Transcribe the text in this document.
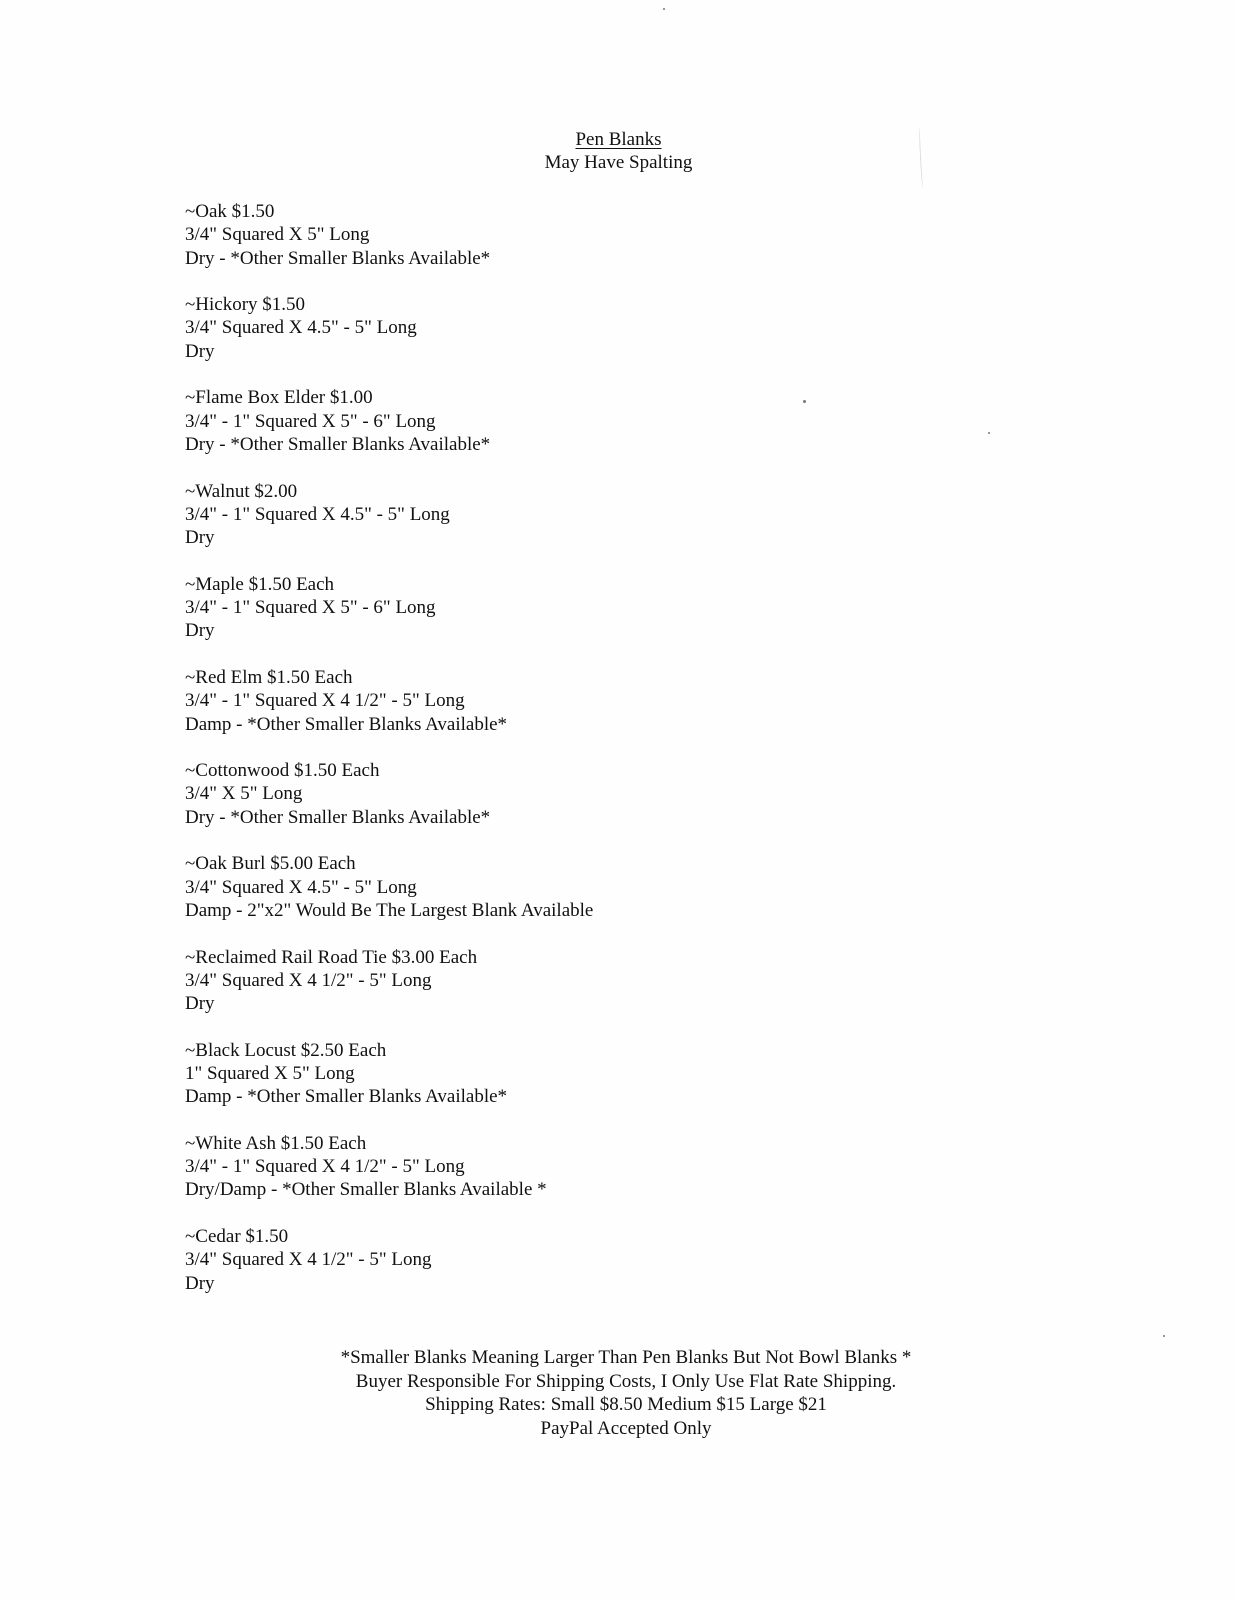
Pen Blanks
May Have Spalting
~Oak $1.50
3/4" Squared X 5" Long
Dry - *Other Smaller Blanks Available*
~Hickory $1.50
3/4" Squared X 4.5" - 5" Long
Dry
~Flame Box Elder $1.00
3/4" - 1" Squared X 5" - 6" Long
Dry - *Other Smaller Blanks Available*
~Walnut $2.00
3/4" - 1" Squared X 4.5" - 5" Long
Dry
~Maple $1.50 Each
3/4" - 1" Squared X 5" - 6" Long
Dry
~Red Elm $1.50 Each
3/4" - 1" Squared X 4 1/2" - 5" Long
Damp - *Other Smaller Blanks Available*
~Cottonwood $1.50 Each
3/4" X 5" Long
Dry - *Other Smaller Blanks Available*
~Oak Burl $5.00 Each
3/4" Squared X 4.5" - 5" Long
Damp - 2"x2" Would Be The Largest Blank Available
~Reclaimed Rail Road Tie $3.00 Each
3/4" Squared X 4 1/2" - 5" Long
Dry
~Black Locust $2.50 Each
1" Squared X 5" Long
Damp - *Other Smaller Blanks Available*
~White Ash $1.50 Each
3/4" - 1" Squared X 4 1/2" - 5" Long
Dry/Damp - *Other Smaller Blanks Available *
~Cedar $1.50
3/4" Squared X 4 1/2" - 5" Long
Dry
*Smaller Blanks Meaning Larger Than Pen Blanks But Not Bowl Blanks *
Buyer Responsible For Shipping Costs, I Only Use Flat Rate Shipping.
Shipping Rates: Small $8.50 Medium $15 Large $21
PayPal Accepted Only
